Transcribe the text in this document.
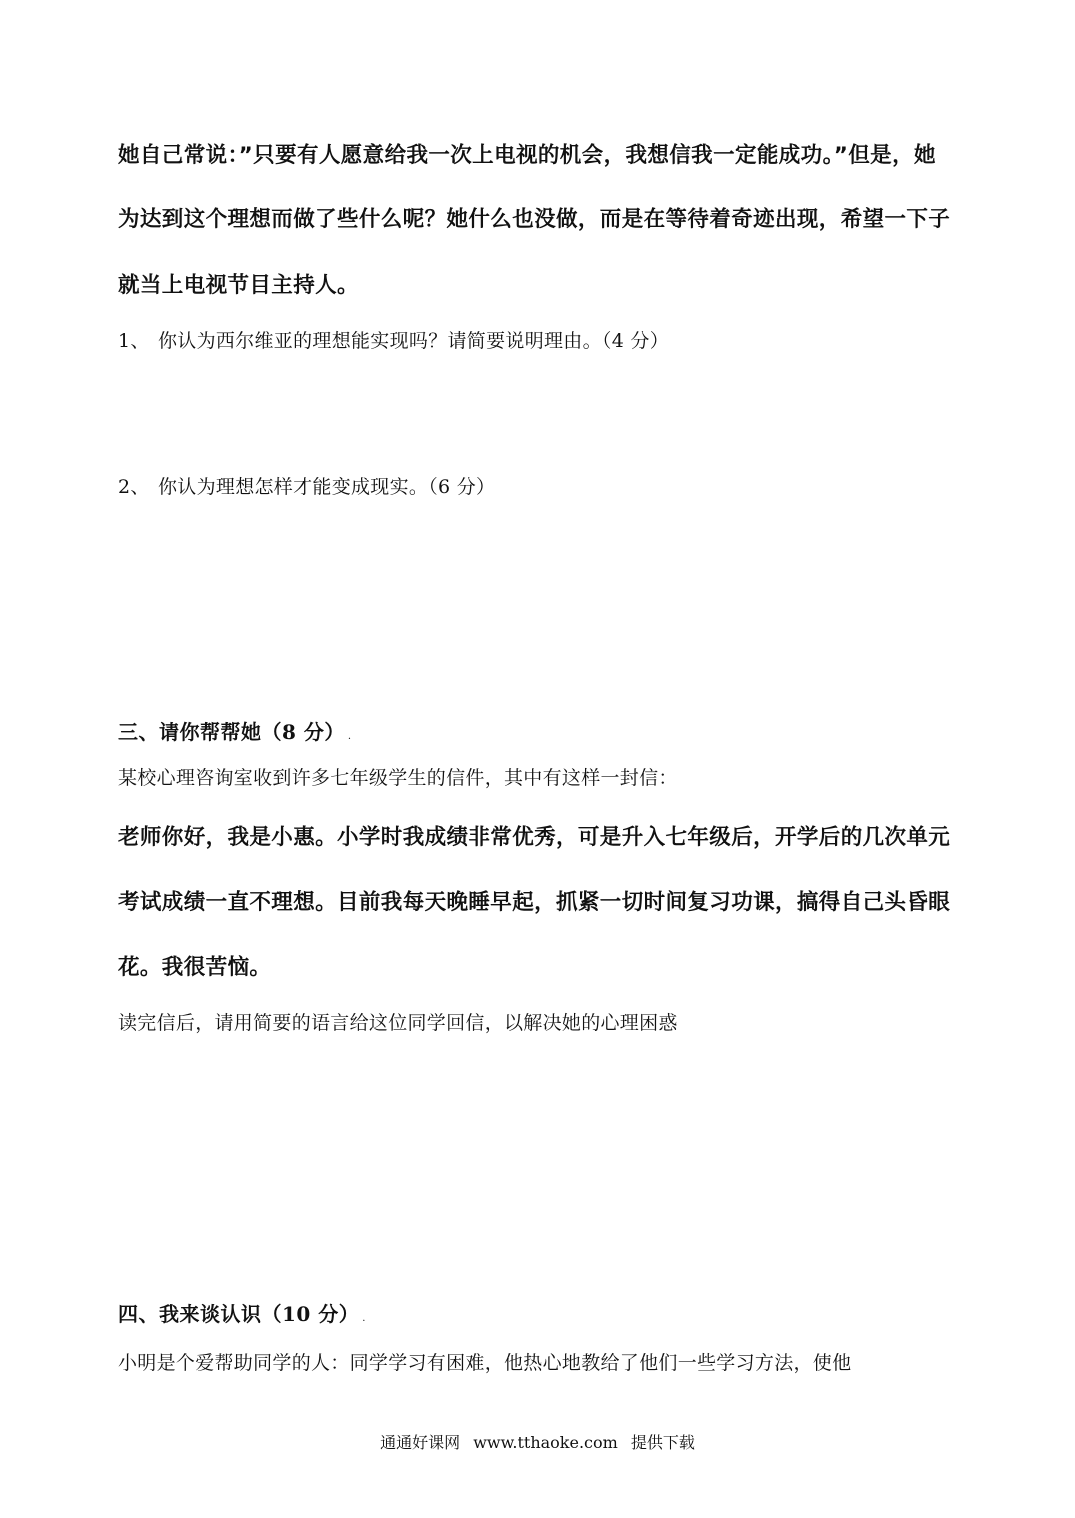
她自己常说：”只要有人愿意给我一次上电视的机会，我想信我一定能成功。”但是，她
为达到这个理想而做了些什么呢？她什么也没做，而是在等待着奇迹出现，希望一下子
就当上电视节目主持人。
1、 你认为西尔维亚的理想能实现吗？请简要说明理由。（4 分）
2、 你认为理想怎样才能变成现实。（6 分）
三、请你帮帮她（8 分） .
某校心理咨询室收到许多七年级学生的信件，其中有这样一封信：
老师你好，我是小惠。小学时我成绩非常优秀，可是升入七年级后，开学后的几次单元
考试成绩一直不理想。目前我每天晚睡早起，抓紧一切时间复习功课，搞得自己头昏眼
花。我很苦恼。
读完信后，请用简要的语言给这位同学回信，以解决她的心理困惑
四、我来谈认识（10 分） .
小明是个爱帮助同学的人：同学学习有困难，他热心地教给了他们一些学习方法，使他
通通好课网 www.tthaoke.com 提供下载
